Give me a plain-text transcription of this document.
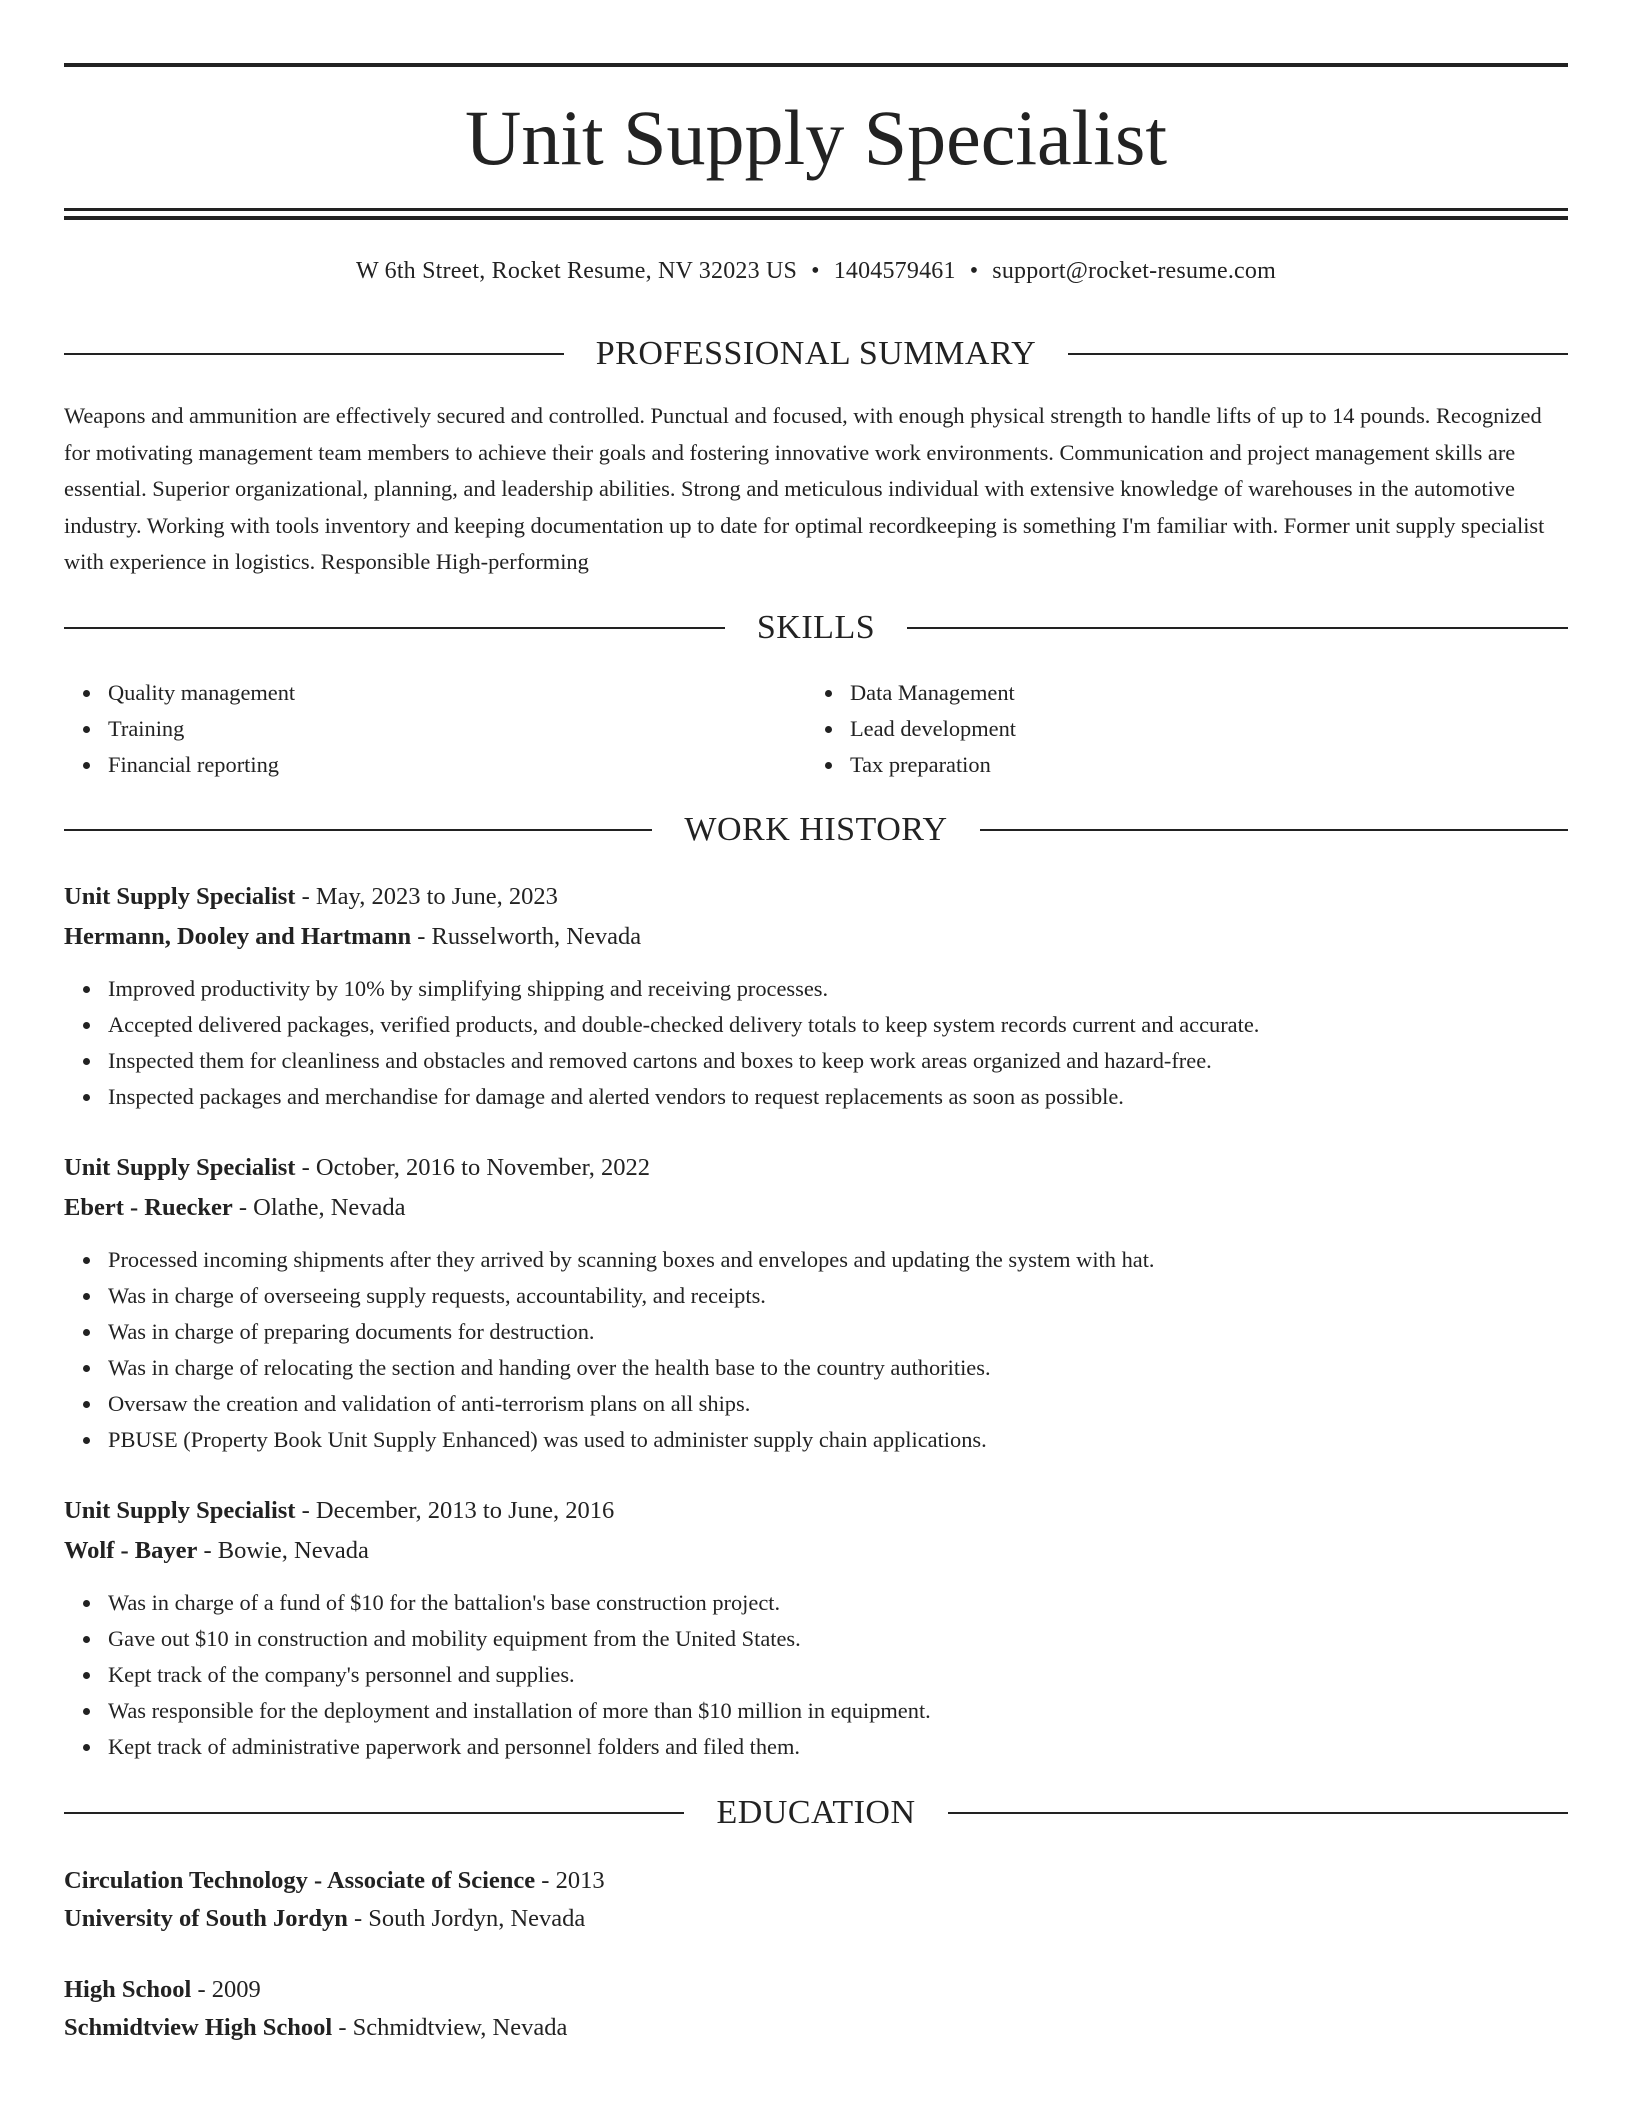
Unit Supply Specialist
W 6th Street, Rocket Resume, NV 32023 US • 1404579461 • support@rocket-resume.com
PROFESSIONAL SUMMARY
Weapons and ammunition are effectively secured and controlled. Punctual and focused, with enough physical strength to handle lifts of up to 14 pounds. Recognized for motivating management team members to achieve their goals and fostering innovative work environments. Communication and project management skills are essential. Superior organizational, planning, and leadership abilities. Strong and meticulous individual with extensive knowledge of warehouses in the automotive industry. Working with tools inventory and keeping documentation up to date for optimal recordkeeping is something I'm familiar with. Former unit supply specialist with experience in logistics. Responsible High-performing
SKILLS
Quality management
Training
Financial reporting
Data Management
Lead development
Tax preparation
WORK HISTORY
Unit Supply Specialist - May, 2023 to June, 2023
Hermann, Dooley and Hartmann - Russelworth, Nevada
Improved productivity by 10% by simplifying shipping and receiving processes.
Accepted delivered packages, verified products, and double-checked delivery totals to keep system records current and accurate.
Inspected them for cleanliness and obstacles and removed cartons and boxes to keep work areas organized and hazard-free.
Inspected packages and merchandise for damage and alerted vendors to request replacements as soon as possible.
Unit Supply Specialist - October, 2016 to November, 2022
Ebert - Ruecker - Olathe, Nevada
Processed incoming shipments after they arrived by scanning boxes and envelopes and updating the system with hat.
Was in charge of overseeing supply requests, accountability, and receipts.
Was in charge of preparing documents for destruction.
Was in charge of relocating the section and handing over the health base to the country authorities.
Oversaw the creation and validation of anti-terrorism plans on all ships.
PBUSE (Property Book Unit Supply Enhanced) was used to administer supply chain applications.
Unit Supply Specialist - December, 2013 to June, 2016
Wolf - Bayer - Bowie, Nevada
Was in charge of a fund of $10 for the battalion's base construction project.
Gave out $10 in construction and mobility equipment from the United States.
Kept track of the company's personnel and supplies.
Was responsible for the deployment and installation of more than $10 million in equipment.
Kept track of administrative paperwork and personnel folders and filed them.
EDUCATION
Circulation Technology - Associate of Science - 2013
University of South Jordyn - South Jordyn, Nevada
High School - 2009
Schmidtview High School - Schmidtview, Nevada
